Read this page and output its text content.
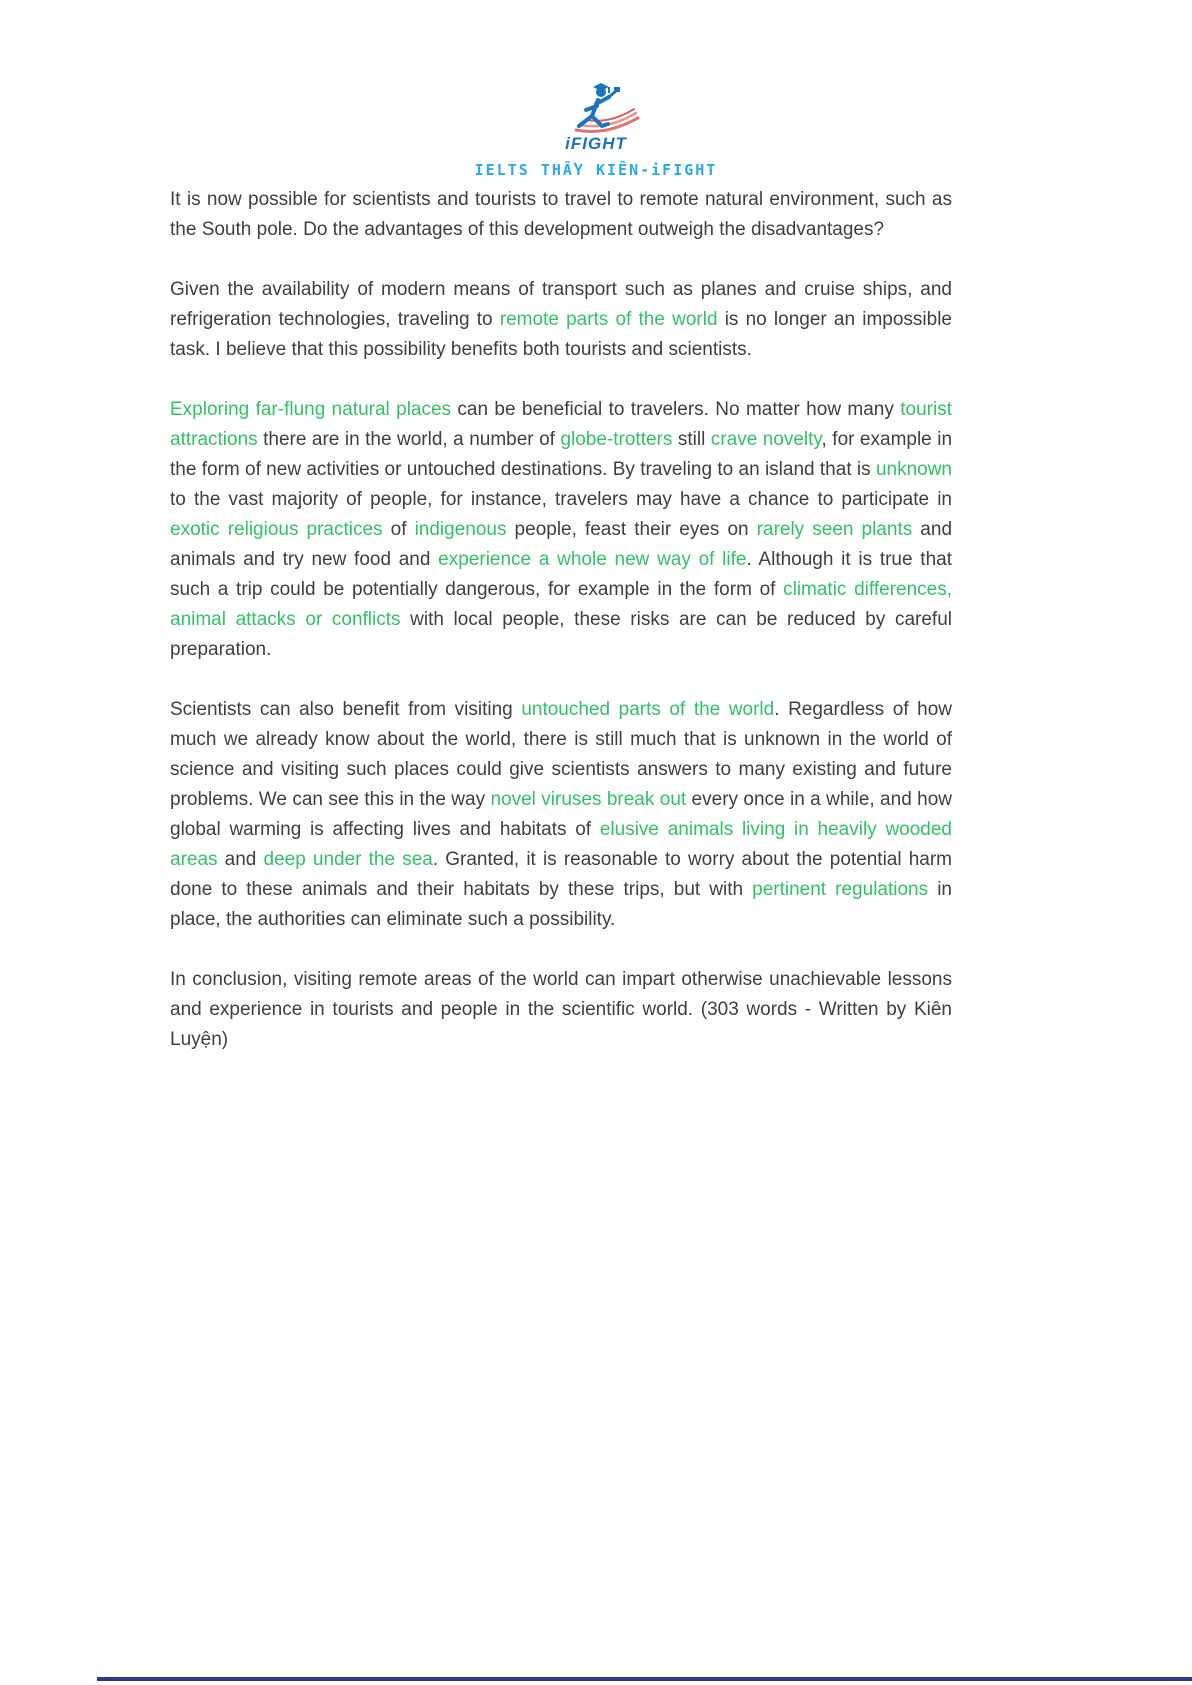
iFIGHT
IELTS THẦY KIÊN-iFIGHT

It is now possible for scientists and tourists to travel to remote natural environment, such as the South pole. Do the advantages of this development outweigh the disadvantages?

Given the availability of modern means of transport such as planes and cruise ships, and refrigeration technologies, traveling to remote parts of the world is no longer an impossible task. I believe that this possibility benefits both tourists and scientists.

Exploring far-flung natural places can be beneficial to travelers. No matter how many tourist attractions there are in the world, a number of globe-trotters still crave novelty, for example in the form of new activities or untouched destinations. By traveling to an island that is unknown to the vast majority of people, for instance, travelers may have a chance to participate in exotic religious practices of indigenous people, feast their eyes on rarely seen plants and animals and try new food and experience a whole new way of life. Although it is true that such a trip could be potentially dangerous, for example in the form of climatic differences, animal attacks or conflicts with local people, these risks are can be reduced by careful preparation.

Scientists can also benefit from visiting untouched parts of the world. Regardless of how much we already know about the world, there is still much that is unknown in the world of science and visiting such places could give scientists answers to many existing and future problems. We can see this in the way novel viruses break out every once in a while, and how global warming is affecting lives and habitats of elusive animals living in heavily wooded areas and deep under the sea. Granted, it is reasonable to worry about the potential harm done to these animals and their habitats by these trips, but with pertinent regulations in place, the authorities can eliminate such a possibility.

In conclusion, visiting remote areas of the world can impart otherwise unachievable lessons and experience in tourists and people in the scientific world. (303 words - Written by Kiên Luyện)
